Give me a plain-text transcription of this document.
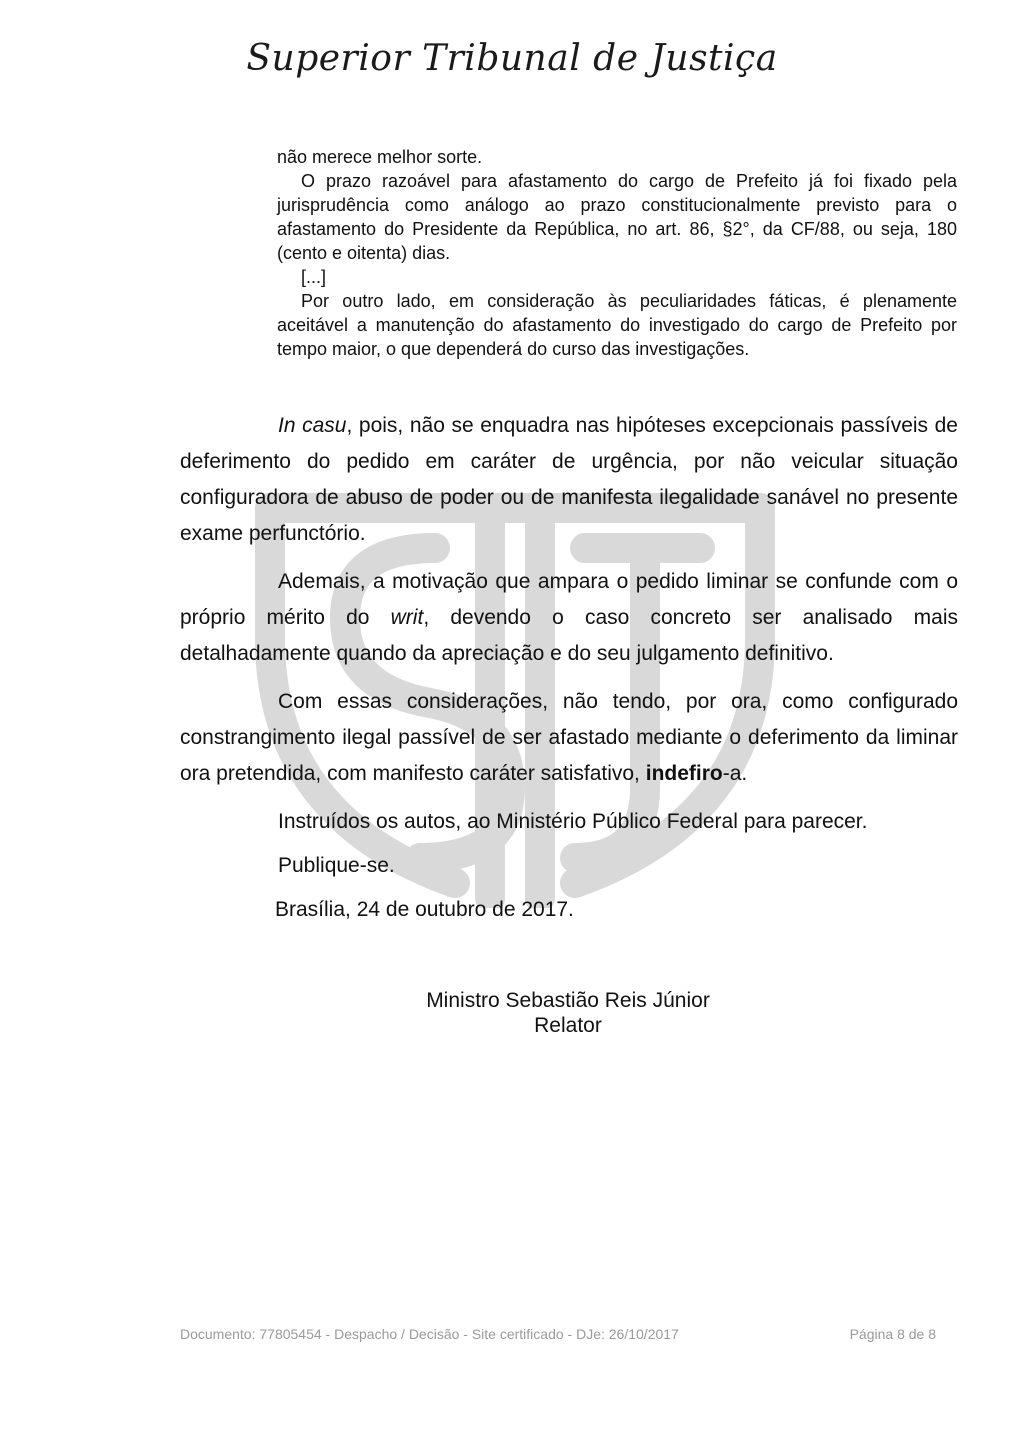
Superior Tribunal de Justiça

não merece melhor sorte.

O prazo razoável para afastamento do cargo de Prefeito já foi fixado pela jurisprudência como análogo ao prazo constitucionalmente previsto para o afastamento do Presidente da República, no art. 86, §2°, da CF/88, ou seja, 180 (cento e oitenta) dias.

[...]

Por outro lado, em consideração às peculiaridades fáticas, é plenamente aceitável a manutenção do afastamento do investigado do cargo de Prefeito por tempo maior, o que dependerá do curso das investigações.

In casu, pois, não se enquadra nas hipóteses excepcionais passíveis de deferimento do pedido em caráter de urgência, por não veicular situação configuradora de abuso de poder ou de manifesta ilegalidade sanável no presente exame perfunctório.

Ademais, a motivação que ampara o pedido liminar se confunde com o próprio mérito do writ, devendo o caso concreto ser analisado mais detalhadamente quando da apreciação e do seu julgamento definitivo.

Com essas considerações, não tendo, por ora, como configurado constrangimento ilegal passível de ser afastado mediante o deferimento da liminar ora pretendida, com manifesto caráter satisfativo, indefiro-a.

Instruídos os autos, ao Ministério Público Federal para parecer.

Publique-se.

Brasília, 24 de outubro de 2017.

Ministro Sebastião Reis Júnior
Relator
Documento: 77805454 - Despacho / Decisão - Site certificado - DJe: 26/10/2017	Página 8 de 8
